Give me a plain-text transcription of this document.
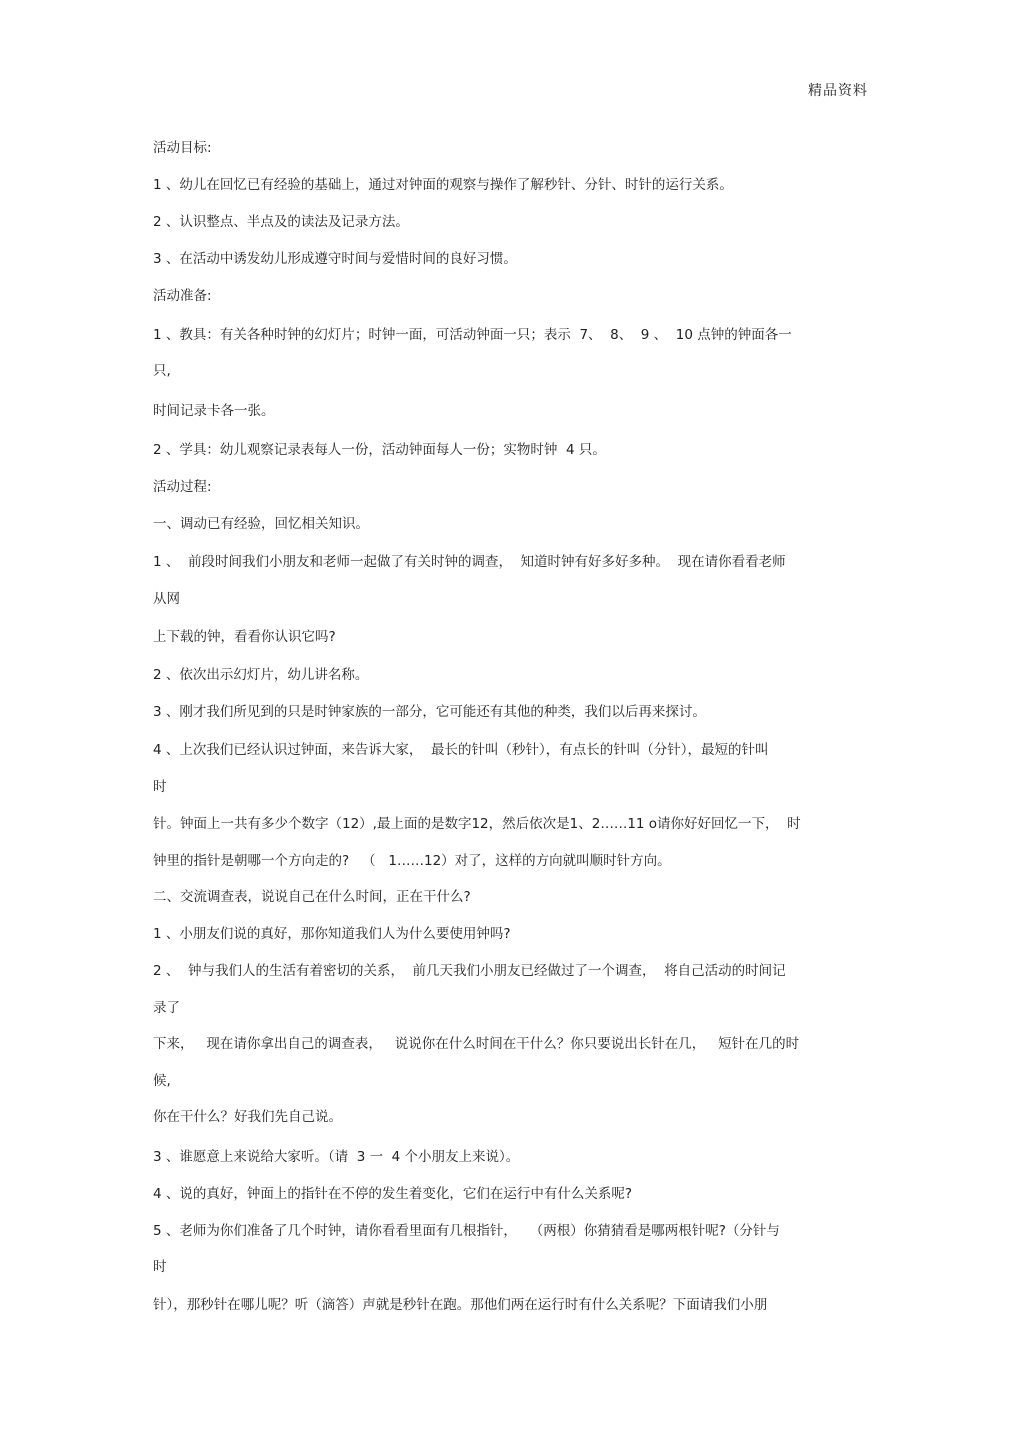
精品资料
活动目标:
1 、幼儿在回忆已有经验的基础上，通过对钟面的观察与操作了解秒针、分针、时针的运行关系。
2 、认识整点、半点及的读法及记录方法。
3 、在活动中诱发幼儿形成遵守时间与爱惜时间的良好习惯。
活动准备:
1 、教具：有关各种时钟的幻灯片；时钟一面，可活动钟面一只；表示  7、  8、  9 、  10 点钟的钟面各一
只,
时间记录卡各一张。
2 、学具：幼儿观察记录表每人一份，活动钟面每人一份；实物时钟  4 只。
活动过程:
一、调动已有经验，回忆相关知识。
1 、  前段时间我们小朋友和老师一起做了有关时钟的调查，  知道时钟有好多好多种。  现在请你看看老师
从网
上下载的钟，看看你认识它吗?
2 、依次出示幻灯片，幼儿讲名称。
3 、刚才我们所见到的只是时钟家族的一部分，它可能还有其他的种类，我们以后再来探讨。
4 、上次我们已经认识过钟面，来告诉大家，  最长的针叫（秒针），有点长的针叫（分针），最短的针叫
时
针。钟面上一共有多少个数字（12）,最上面的是数字12，然后依次是1、2……11 o请你好好回忆一下，  时
钟里的指针是朝哪一个方向走的?   （   1……12）对了，这样的方向就叫顺时针方向。
二、交流调查表，说说自己在什么时间，正在干什么?
1 、小朋友们说的真好，那你知道我们人为什么要使用钟吗?
2 、  钟与我们人的生活有着密切的关系，  前几天我们小朋友已经做过了一个调查，  将自己活动的时间记
录了
下来，   现在请你拿出自己的调查表，   说说你在什么时间在干什么？你只要说出长针在几，   短针在几的时
候,
你在干什么？好我们先自己说。
3 、谁愿意上来说给大家听。（请  3 一  4 个小朋友上来说）。
4 、说的真好，钟面上的指针在不停的发生着变化，它们在运行中有什么关系呢?
5 、老师为你们准备了几个时钟，请你看看里面有几根指针，   （两根）你猜猜看是哪两根针呢?（分针与
时
针），那秒针在哪儿呢？听（滴答）声就是秒针在跑。那他们两在运行时有什么关系呢？下面请我们小朋
